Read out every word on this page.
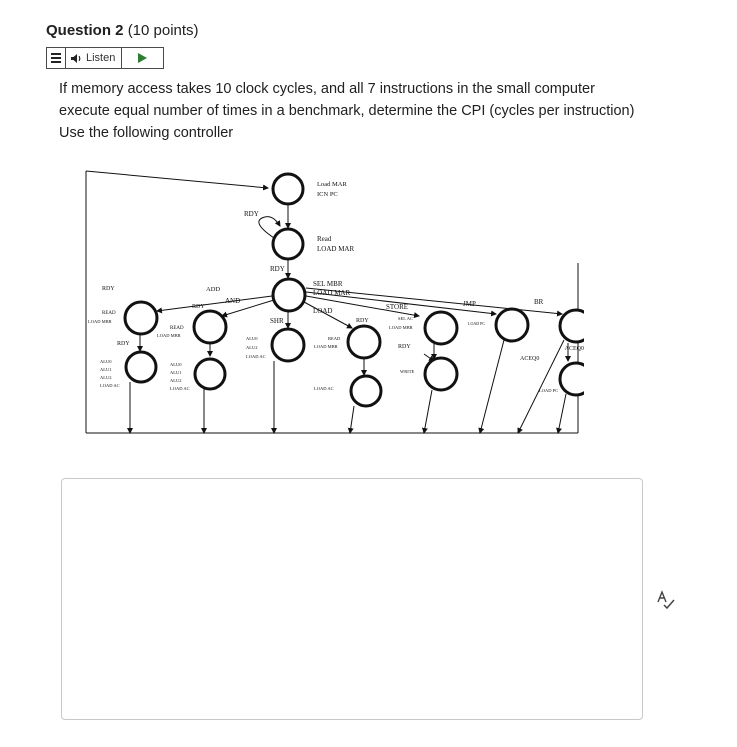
Question 2 (10 points)
Listen
If memory access takes 10 clock cycles, and all 7 instructions in the small computer execute equal number of times in a benchmark, determine the CPI (cycles per instruction) Use the following controller
Load MAR
ICN PC
RDY
Read
LOAD MAR
RDY
SEL MBR
LOAD MAR
ADD
AND
LOAD	STORE	JMP	BR
SHR
RDY
READ
LOAD MBR
RDY
ALU0
ALU1
ALU2
LOAD AC
RDY
READ
LOAD MBR
ALU0
ALU1
ALU2
LOAD AC
ALU0
ALU2
LOAD AC
RDY
READ
LOAD MBR
LOAD AC
SEL AC
LOAD MBR
RDY
WRITE
LOAD PC
ACEQ0
ACEQ0
LOAD PC
